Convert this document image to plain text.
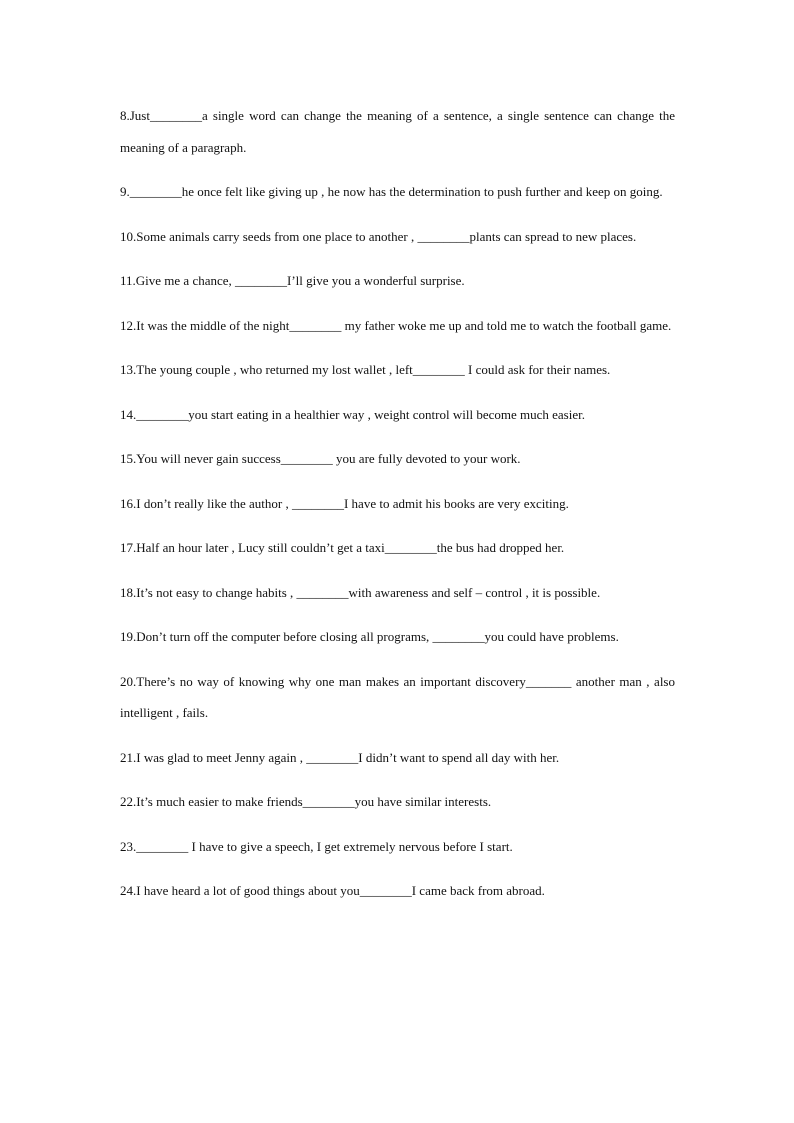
8.Just________a single word can change the meaning of a sentence, a single sentence can change the meaning of a paragraph.

9.________he once felt like giving up , he now has the determination to push further and keep on going.

10.Some animals carry seeds from one place to another , ________plants can spread to new places.

11.Give me a chance, ________I’ll give you a wonderful surprise.

12.It was the middle of the night________ my father woke me up and told me to watch the football game.

13.The young couple , who returned my lost wallet , left________ I could ask for their names.

14.________you start eating in a healthier way , weight control will become much easier.

15.You will never gain success________ you are fully devoted to your work.

16.I don’t really like the author , ________I have to admit his books are very exciting.

17.Half an hour later , Lucy still couldn’t get a taxi________the bus had dropped her.

18.It’s not easy to change habits , ________with awareness and self – control , it is possible.

19.Don’t turn off the computer before closing all programs, ________you could have problems.

20.There’s no way of knowing why one man makes an important discovery_______ another man , also intelligent , fails.

21.I was glad to meet Jenny again , ________I didn’t want to spend all day with her.

22.It’s much easier to make friends________you have similar interests.

23.________ I have to give a speech, I get extremely nervous before I start.

24.I have heard a lot of good things about you________I came back from abroad.
